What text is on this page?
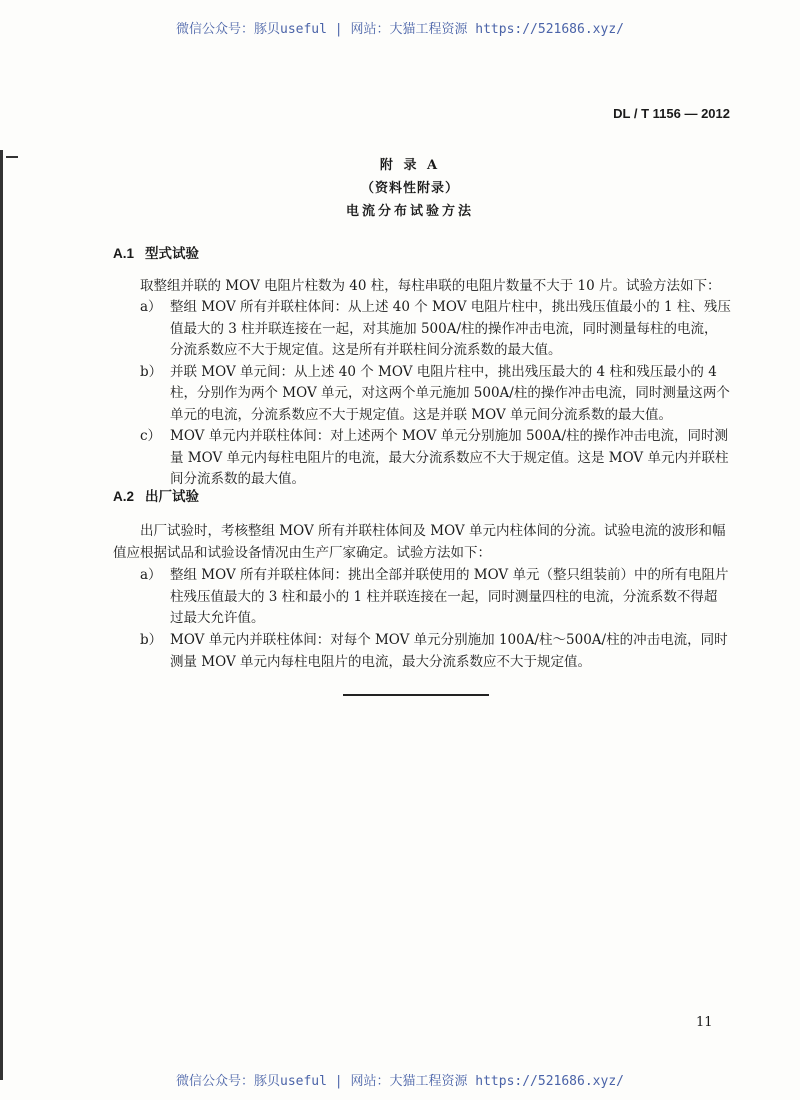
微信公众号：豚贝useful | 网站：大猫工程资源 https://521686.xyz/
DL / T 1156 — 2012
附 录 A
（资料性附录）
电流分布试验方法
A.1 型式试验
取整组并联的 MOV 电阻片柱数为 40 柱，每柱串联的电阻片数量不大于 10 片。试验方法如下：
a） 整组 MOV 所有并联柱体间：从上述 40 个 MOV 电阻片柱中，挑出残压值最小的 1 柱、残压
值最大的 3 柱并联连接在一起，对其施加 500A/柱的操作冲击电流，同时测量每柱的电流，
分流系数应不大于规定值。这是所有并联柱间分流系数的最大值。
b） 并联 MOV 单元间：从上述 40 个 MOV 电阻片柱中，挑出残压最大的 4 柱和残压最小的 4
柱，分别作为两个 MOV 单元，对这两个单元施加 500A/柱的操作冲击电流，同时测量这两个
单元的电流，分流系数应不大于规定值。这是并联 MOV 单元间分流系数的最大值。
c） MOV 单元内并联柱体间：对上述两个 MOV 单元分别施加 500A/柱的操作冲击电流，同时测
量 MOV 单元内每柱电阻片的电流，最大分流系数应不大于规定值。这是 MOV 单元内并联柱
间分流系数的最大值。
A.2 出厂试验
出厂试验时，考核整组 MOV 所有并联柱体间及 MOV 单元内柱体间的分流。试验电流的波形和幅
值应根据试品和试验设备情况由生产厂家确定。试验方法如下：
a） 整组 MOV 所有并联柱体间：挑出全部并联使用的 MOV 单元（整只组装前）中的所有电阻片
柱残压值最大的 3 柱和最小的 1 柱并联连接在一起，同时测量四柱的电流，分流系数不得超
过最大允许值。
b） MOV 单元内并联柱体间：对每个 MOV 单元分别施加 100A/柱～500A/柱的冲击电流，同时
测量 MOV 单元内每柱电阻片的电流，最大分流系数应不大于规定值。
11
微信公众号：豚贝useful | 网站：大猫工程资源 https://521686.xyz/
